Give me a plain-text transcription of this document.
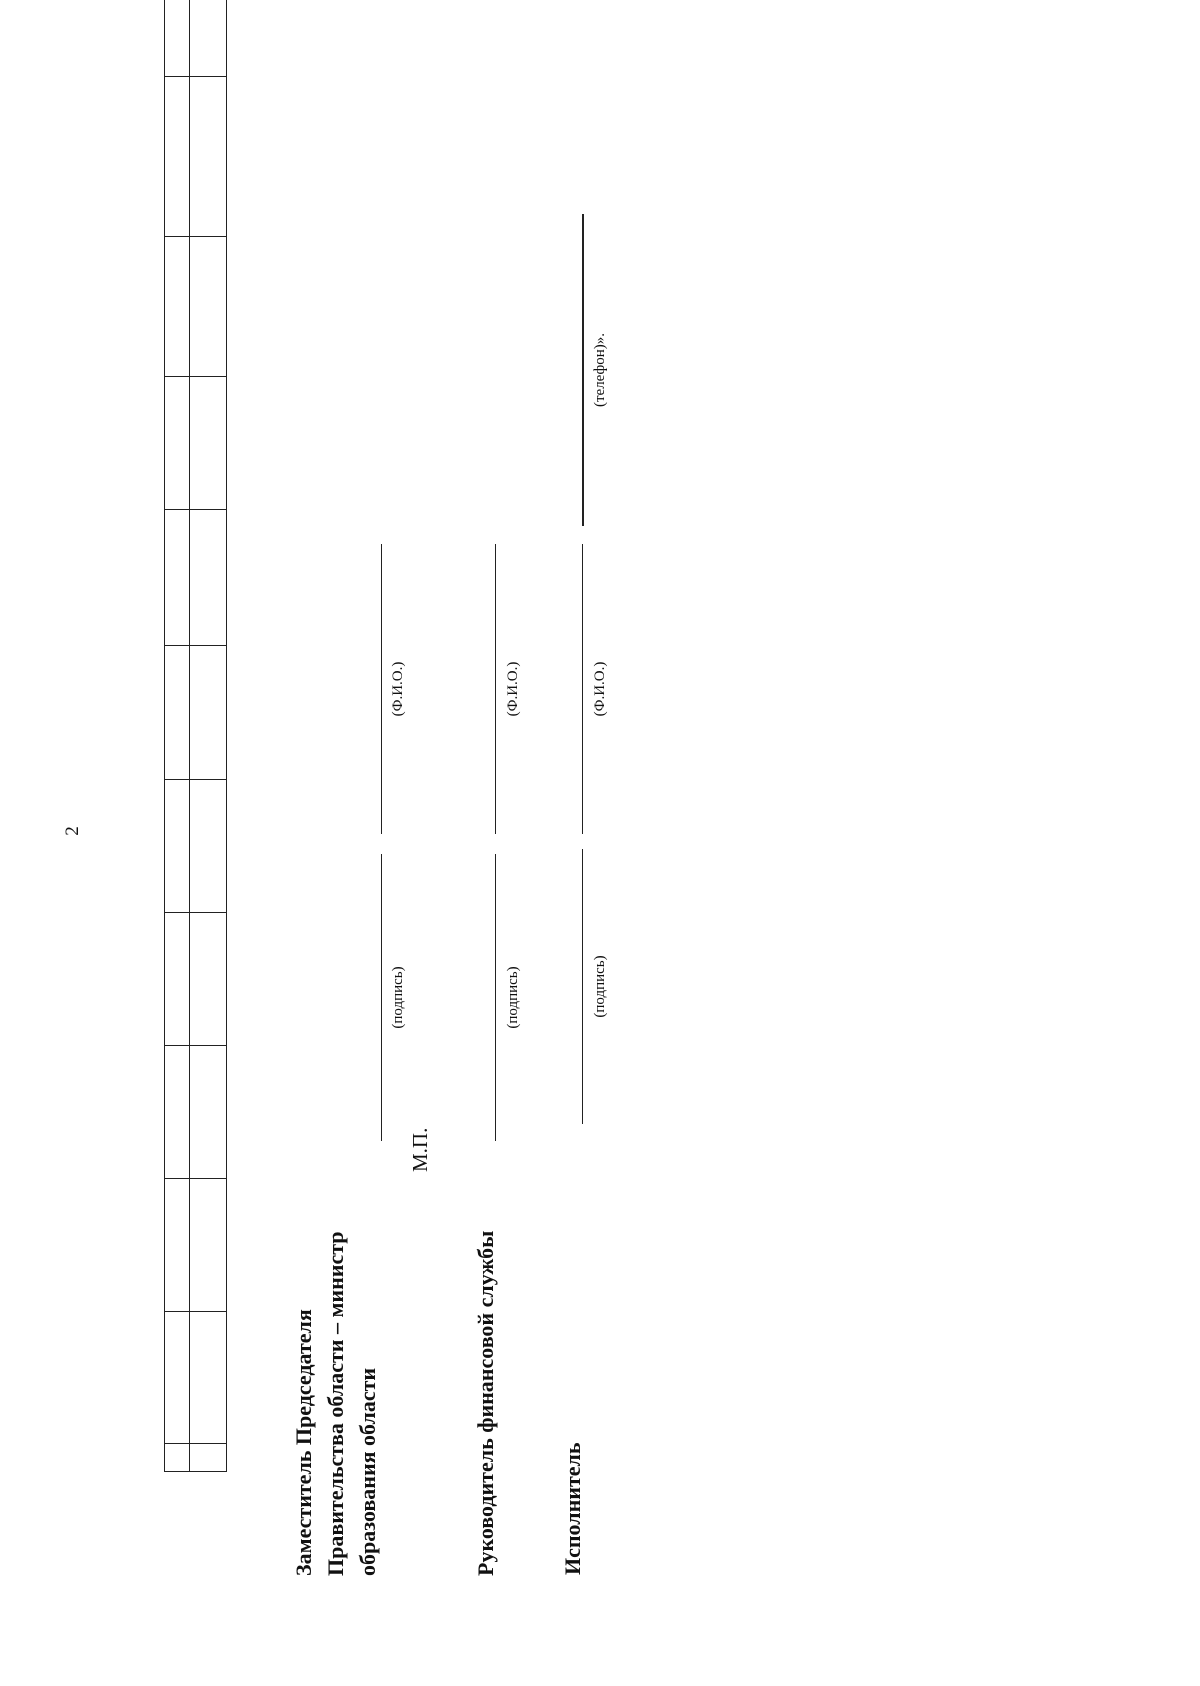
2

Заместитель Председателя Правительства области – министр образования области
(подпись)
(Ф.И.О.)
М.П.
Руководитель финансовой службы
(подпись)
(Ф.И.О.)
Исполнитель
(подпись)
(Ф.И.О.)
(телефон)».
